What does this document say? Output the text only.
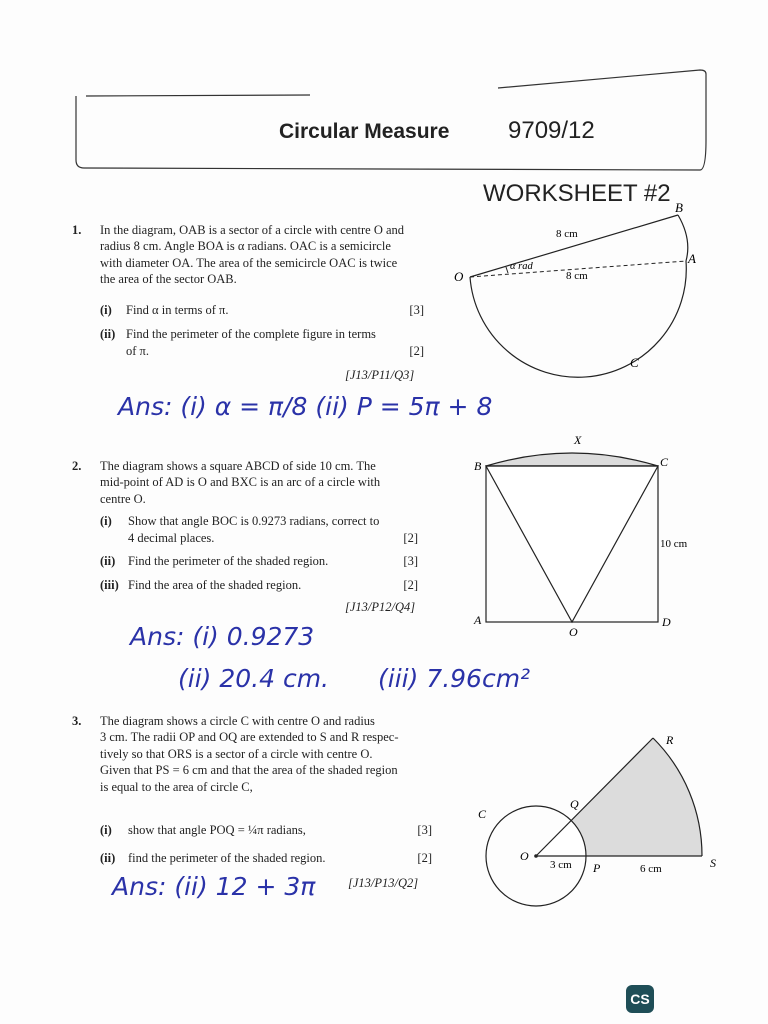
Circular Measure 9709/12
WORKSHEET #2
1. In the diagram, OAB is a sector of a circle with centre O and
radius 8 cm. Angle BOA is α radians. OAC is a semicircle
with diameter OA. The area of the semicircle OAC is twice
the area of the sector OAB.
(i) Find α in terms of π.	[3]
(ii) Find the perimeter of the complete figure in terms
of π.	[2]
[J13/P11/Q3]
Ans: (i) α = π/8 (ii) P = 5π + 8
O
A
B
C
8 cm
8 cm
α rad
2. The diagram shows a square ABCD of side 10 cm. The
mid-point of AD is O and BXC is an arc of a circle with
centre O.
(i) Show that angle BOC is 0.9273 radians, correct to
4 decimal places.	[2]
(ii) Find the perimeter of the shaded region.	[3]
(iii) Find the area of the shaded region.	[2]
[J13/P12/Q4]
Ans: (i) 0.9273
(ii) 20.4 cm. (iii) 7.96cm²
B	C
A	D
O
X
10 cm
3. The diagram shows a circle C with centre O and radius
3 cm. The radii OP and OQ are extended to S and R respec-
tively so that ORS is a sector of a circle with centre O.
Given that PS = 6 cm and that the area of the shaded region
is equal to the area of circle C,
(i) show that angle POQ = ¼π radians,	[3]
(ii) find the perimeter of the shaded region.	[2]
Ans: (ii) 12 + 3π	[J13/P13/Q2]
O
C
Q
R
P	S
3 cm	6 cm
CS
